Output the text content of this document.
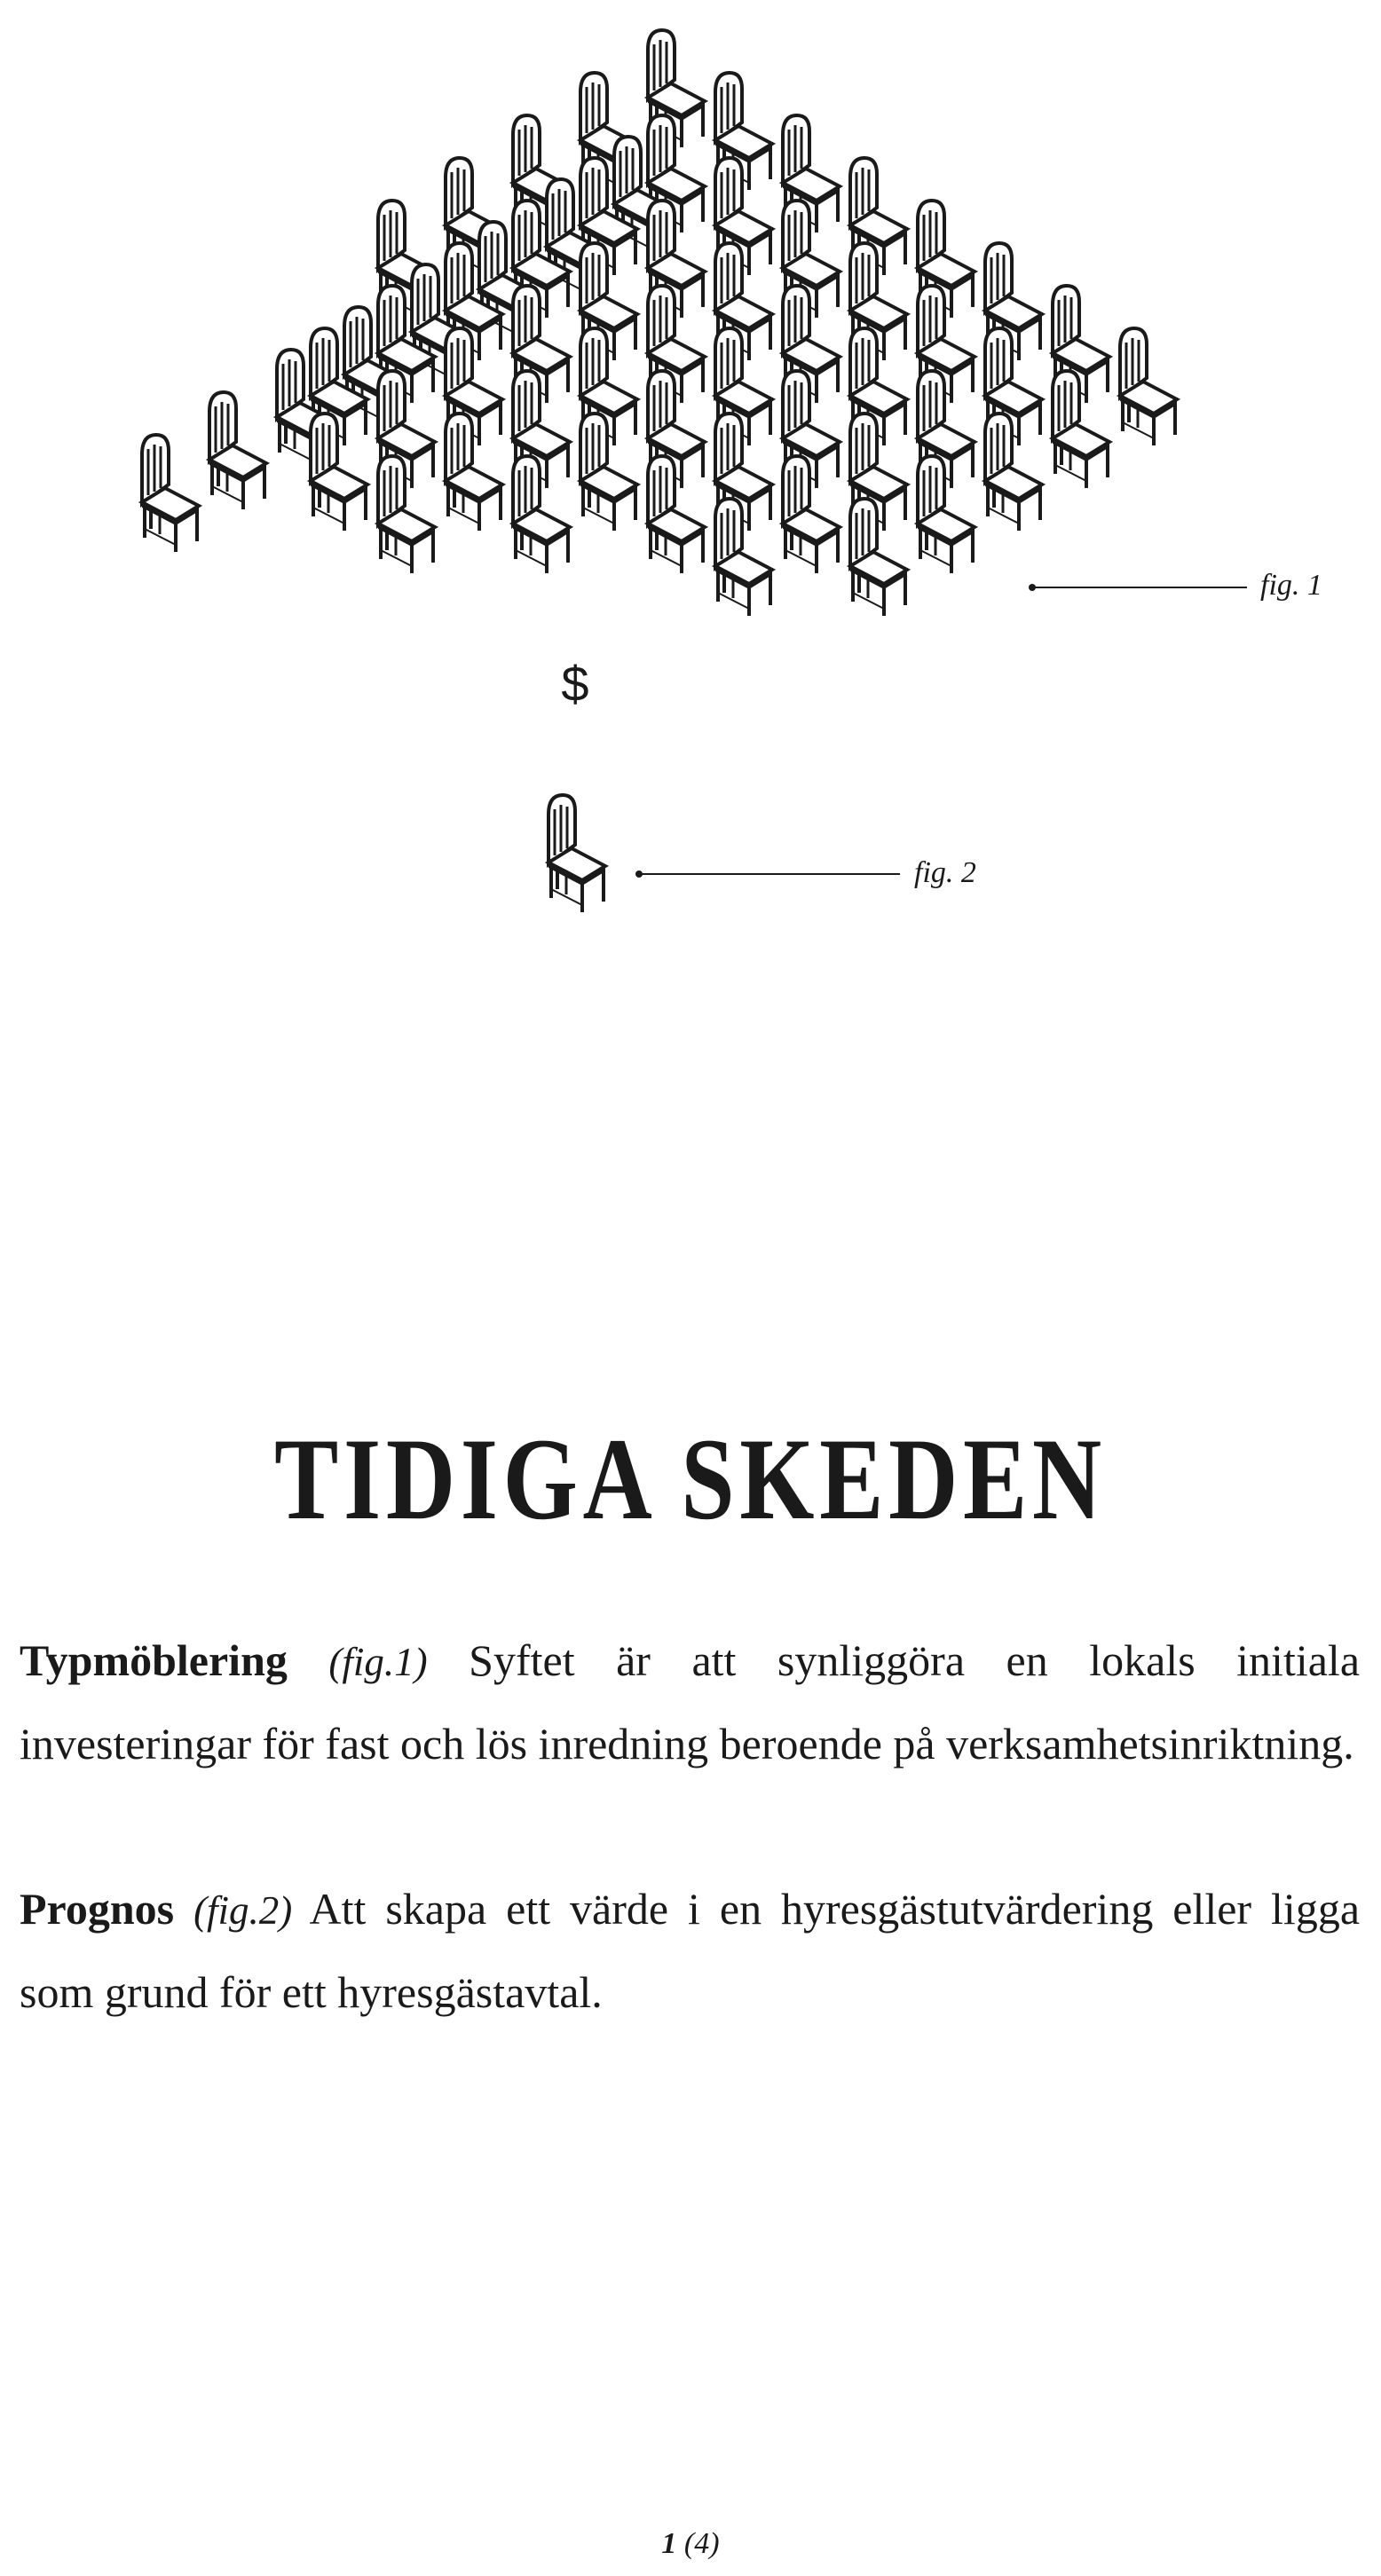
$
fig. 1
fig. 2
TIDIGA SKEDEN

Typmöblering (fig.1) Syftet är att synliggöra en lokals initiala investeringar för fast och lös inredning beroende på verksamhetsinriktning.

Prognos (fig.2) Att skapa ett värde i en hyresgästutvärdering eller ligga som grund för ett hyresgästavtal.

1 (4)
